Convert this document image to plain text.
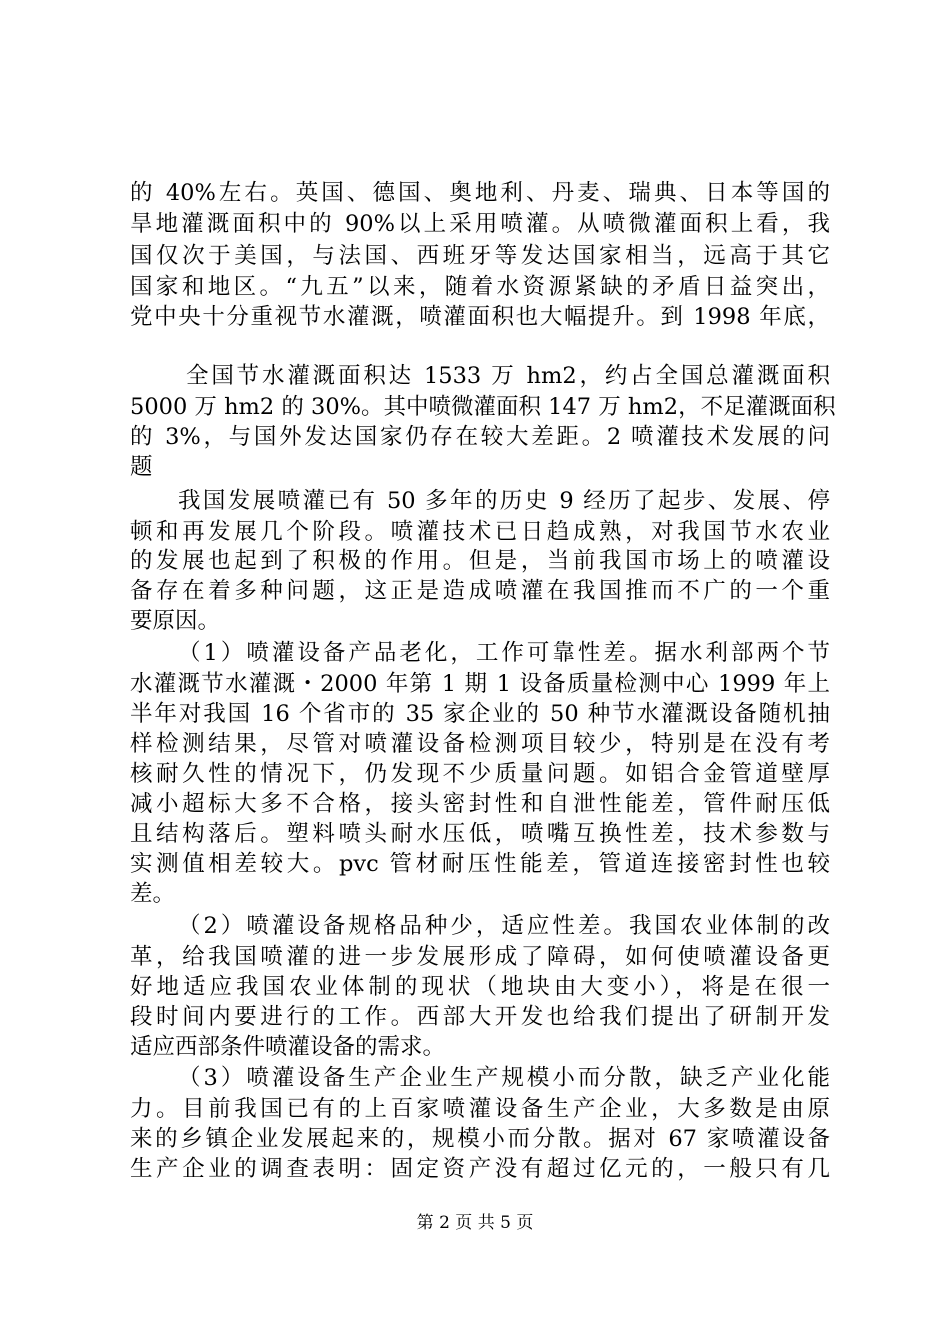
的 40%左右。英国、德国、奥地利、丹麦、瑞典、日本等国的
旱地灌溉面积中的 90%以上采用喷灌。从喷微灌面积上看，我
国仅次于美国，与法国、西班牙等发达国家相当，远高于其它
国家和地区。“九五”以来，随着水资源紧缺的矛盾日益突出，
党中央十分重视节水灌溉，喷灌面积也大幅提升。到 1998 年底，
全国节水灌溉面积达 1533 万 hm2，约占全国总灌溉面积
5000 万 hm2 的 30%。其中喷微灌面积 147 万 hm2，不足灌溉面积
的 3%，与国外发达国家仍存在较大差距。2 喷灌技术发展的问
题
我国发展喷灌已有 50 多年的历史 9 经历了起步、发展、停
顿和再发展几个阶段。喷灌技术已日趋成熟，对我国节水农业
的发展也起到了积极的作用。但是，当前我国市场上的喷灌设
备存在着多种问题，这正是造成喷灌在我国推而不广的一个重
要原因。
（1）喷灌设备产品老化，工作可靠性差。据水利部两个节
水灌溉节水灌溉・2000 年第 1 期 1 设备质量检测中心 1999 年上
半年对我国 16 个省市的 35 家企业的 50 种节水灌溉设备随机抽
样检测结果，尽管对喷灌设备检测项目较少，特别是在没有考
核耐久性的情况下，仍发现不少质量问题。如铝合金管道壁厚
减小超标大多不合格，接头密封性和自泄性能差，管件耐压低
且结构落后。塑料喷头耐水压低，喷嘴互换性差，技术参数与
实测值相差较大。pvc 管材耐压性能差，管道连接密封性也较
差。
（2）喷灌设备规格品种少，适应性差。我国农业体制的改
革，给我国喷灌的进一步发展形成了障碍，如何使喷灌设备更
好地适应我国农业体制的现状（地块由大变小），将是在很一
段时间内要进行的工作。西部大开发也给我们提出了研制开发
适应西部条件喷灌设备的需求。
（3）喷灌设备生产企业生产规模小而分散，缺乏产业化能
力。目前我国已有的上百家喷灌设备生产企业，大多数是由原
来的乡镇企业发展起来的，规模小而分散。据对 67 家喷灌设备
生产企业的调查表明：固定资产没有超过亿元的，一般只有几
第 2 页 共 5 页
